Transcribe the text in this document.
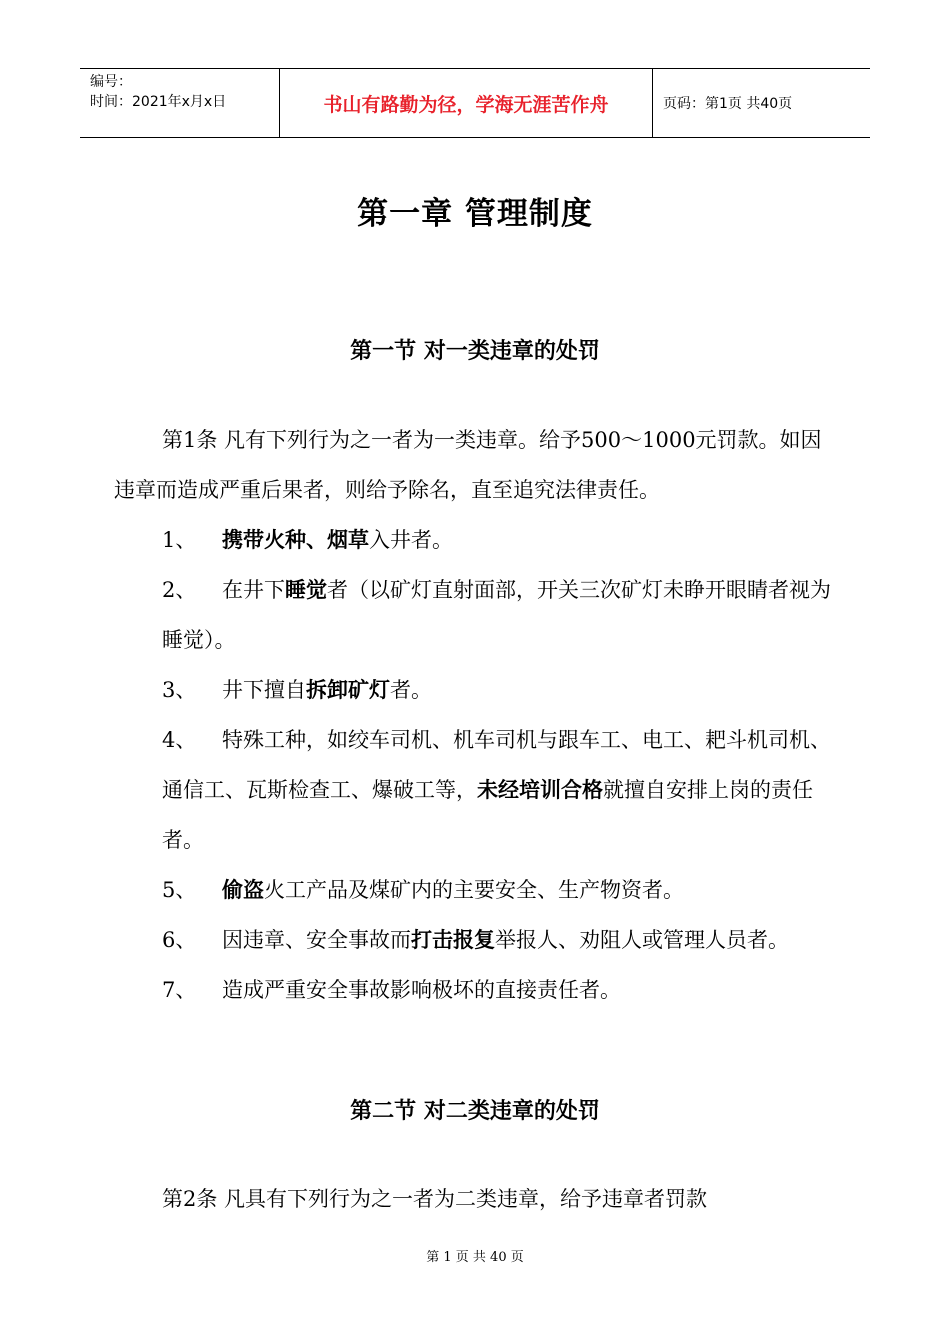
编号：
时间：2021年x月x日	书山有路勤为径，学海无涯苦作舟	页码：第1页 共40页
第一章 管理制度
第一节 对一类违章的处罚

第1条 凡有下列行为之一者为一类违章。给予500～1000元罚款。如因违章而造成严重后果者，则给予除名，直至追究法律责任。

1、 携带火种、烟草入井者。

2、 在井下睡觉者（以矿灯直射面部，开关三次矿灯未睁开眼睛者视为睡觉）。

3、 井下擅自拆卸矿灯者。

4、 特殊工种，如绞车司机、机车司机与跟车工、电工、耙斗机司机、通信工、瓦斯检查工、爆破工等，未经培训合格就擅自安排上岗的责任者。

5、 偷盗火工产品及煤矿内的主要安全、生产物资者。

6、 因违章、安全事故而打击报复举报人、劝阻人或管理人员者。

7、 造成严重安全事故影响极坏的直接责任者。

第二节 对二类违章的处罚

第2条 凡具有下列行为之一者为二类违章，给予违章者罚款

第 1 页 共 40 页
